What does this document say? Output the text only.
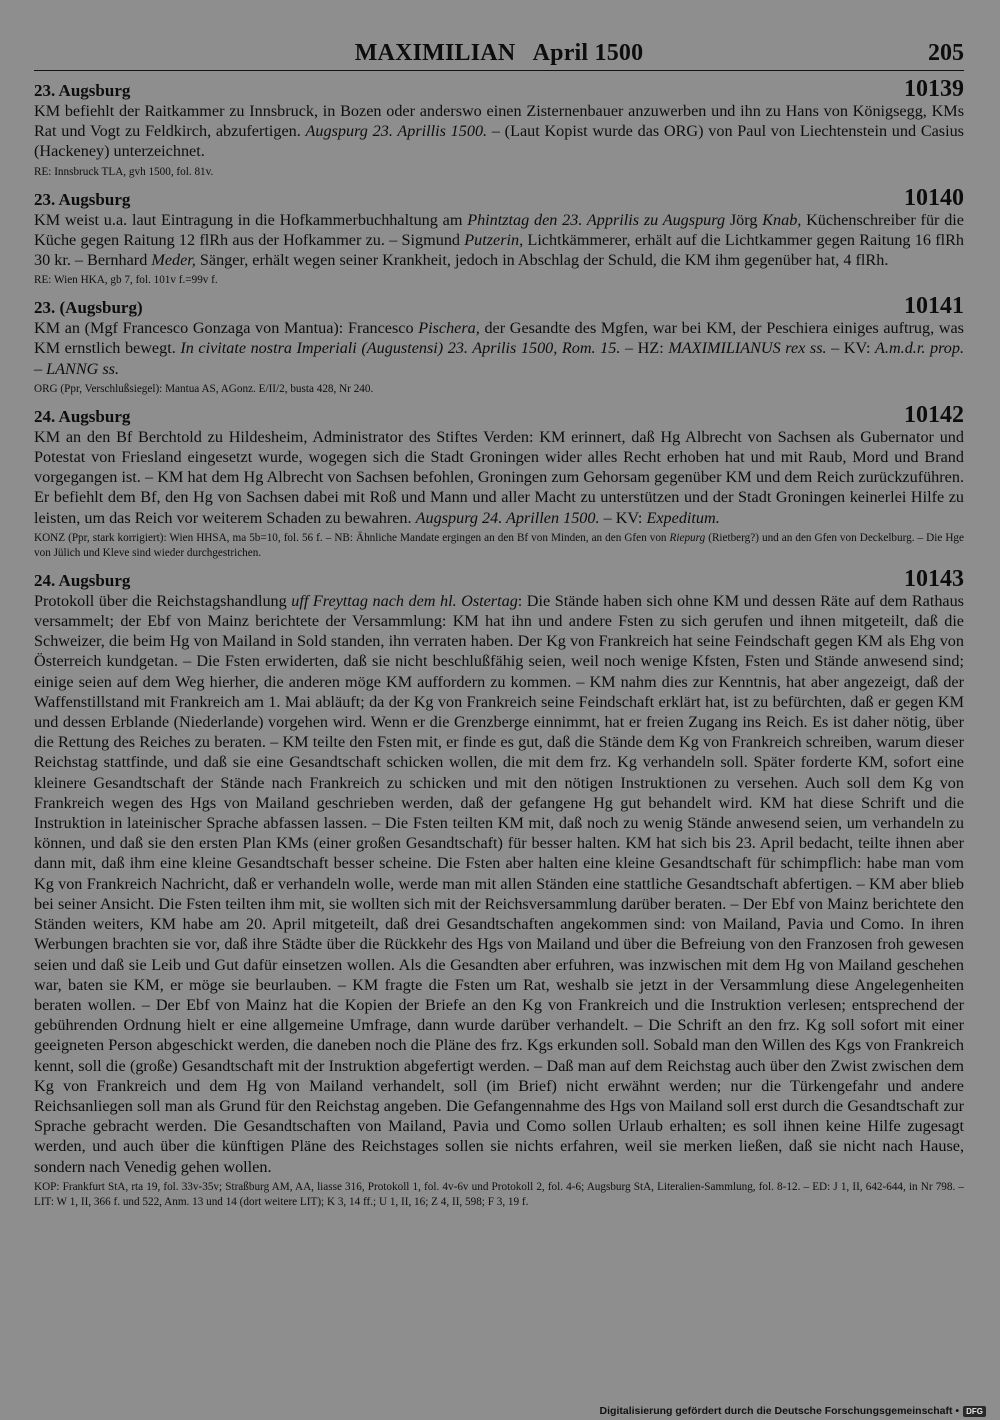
MAXIMILIAN   April 1500	205
23. Augsburg	10139

KM befiehlt der Raitkammer zu Innsbruck, in Bozen oder anderswo einen Zisternenbauer anzuwerben und ihn zu Hans von Königsegg, KMs Rat und Vogt zu Feldkirch, abzufertigen. Augspurg 23. Aprillis 1500. – (Laut Kopist wurde das ORG) von Paul von Liechtenstein und Casius (Hackeney) unterzeichnet.

RE: Innsbruck TLA, gvh 1500, fol. 81v.

23. Augsburg	10140

KM weist u.a. laut Eintragung in die Hofkammerbuchhaltung am Phintztag den 23. Apprilis zu Augspurg Jörg Knab, Küchenschreiber für die Küche gegen Raitung 12 flRh aus der Hofkammer zu. – Sigmund Putzerin, Lichtkämmerer, erhält auf die Lichtkammer gegen Raitung 16 flRh 30 kr. – Bernhard Meder, Sänger, erhält wegen seiner Krankheit, jedoch in Abschlag der Schuld, die KM ihm gegenüber hat, 4 flRh.

RE: Wien HKA, gb 7, fol. 101v f.=99v f.

23. (Augsburg)	10141

KM an (Mgf Francesco Gonzaga von Mantua): Francesco Pischera, der Gesandte des Mgfen, war bei KM, der Peschiera einiges auftrug, was KM ernstlich bewegt. In civitate nostra Imperiali (Augustensi) 23. Aprilis 1500, Rom. 15. – HZ: MAXIMILIANUS rex ss. – KV: A.m.d.r. prop. – LANNG ss.

ORG (Ppr, Verschlußsiegel): Mantua AS, AGonz. E/II/2, busta 428, Nr 240.

24. Augsburg	10142

KM an den Bf Berchtold zu Hildesheim, Administrator des Stiftes Verden: KM erinnert, daß Hg Albrecht von Sachsen als Gubernator und Potestat von Friesland eingesetzt wurde, wogegen sich die Stadt Groningen wider alles Recht erhoben hat und mit Raub, Mord und Brand vorgegangen ist. – KM hat dem Hg Albrecht von Sachsen befohlen, Groningen zum Gehorsam gegenüber KM und dem Reich zurückzuführen. Er befiehlt dem Bf, den Hg von Sachsen dabei mit Roß und Mann und aller Macht zu unterstützen und der Stadt Groningen keinerlei Hilfe zu leisten, um das Reich vor weiterem Schaden zu bewahren. Augspurg 24. Aprillen 1500. – KV: Expeditum.

KONZ (Ppr, stark korrigiert): Wien HHSA, ma 5b=10, fol. 56 f. – NB: Ähnliche Mandate ergingen an den Bf von Minden, an den Gfen von Riepurg (Rietberg?) und an den Gfen von Deckelburg. – Die Hge von Jülich und Kleve sind wieder durchgestrichen.

24. Augsburg	10143

Protokoll über die Reichstagshandlung uff Freyttag nach dem hl. Ostertag: Die Stände haben sich ohne KM und dessen Räte auf dem Rathaus versammelt; der Ebf von Mainz berichtete der Versammlung: KM hat ihn und andere Fsten zu sich gerufen und ihnen mitgeteilt, daß die Schweizer, die beim Hg von Mailand in Sold standen, ihn verraten haben. Der Kg von Frankreich hat seine Feindschaft gegen KM als Ehg von Österreich kundgetan. – Die Fsten erwiderten, daß sie nicht beschlußfähig seien, weil noch wenige Kfsten, Fsten und Stände anwesend sind; einige seien auf dem Weg hierher, die anderen möge KM auffordern zu kommen. – KM nahm dies zur Kenntnis, hat aber angezeigt, daß der Waffenstillstand mit Frankreich am 1. Mai abläuft; da der Kg von Frankreich seine Feindschaft erklärt hat, ist zu befürchten, daß er gegen KM und dessen Erblande (Niederlande) vorgehen wird. Wenn er die Grenzberge einnimmt, hat er freien Zugang ins Reich. Es ist daher nötig, über die Rettung des Reiches zu beraten. – KM teilte den Fsten mit, er finde es gut, daß die Stände dem Kg von Frankreich schreiben, warum dieser Reichstag stattfinde, und daß sie eine Gesandtschaft schicken wollen, die mit dem frz. Kg verhandeln soll. Später forderte KM, sofort eine kleinere Gesandtschaft der Stände nach Frankreich zu schicken und mit den nötigen Instruktionen zu versehen. Auch soll dem Kg von Frankreich wegen des Hgs von Mailand geschrieben werden, daß der gefangene Hg gut behandelt wird. KM hat diese Schrift und die Instruktion in lateinischer Sprache abfassen lassen. – Die Fsten teilten KM mit, daß noch zu wenig Stände anwesend seien, um verhandeln zu können, und daß sie den ersten Plan KMs (einer großen Gesandtschaft) für besser halten. KM hat sich bis 23. April bedacht, teilte ihnen aber dann mit, daß ihm eine kleine Gesandtschaft besser scheine. Die Fsten aber halten eine kleine Gesandtschaft für schimpflich: habe man vom Kg von Frankreich Nachricht, daß er verhandeln wolle, werde man mit allen Ständen eine stattliche Gesandtschaft abfertigen. – KM aber blieb bei seiner Ansicht. Die Fsten teilten ihm mit, sie wollten sich mit der Reichsversammlung darüber beraten. – Der Ebf von Mainz berichtete den Ständen weiters, KM habe am 20. April mitgeteilt, daß drei Gesandtschaften angekommen sind: von Mailand, Pavia und Como. In ihren Werbungen brachten sie vor, daß ihre Städte über die Rückkehr des Hgs von Mailand und über die Befreiung von den Franzosen froh gewesen seien und daß sie Leib und Gut dafür einsetzen wollen. Als die Gesandten aber erfuhren, was inzwischen mit dem Hg von Mailand geschehen war, baten sie KM, er möge sie beurlauben. – KM fragte die Fsten um Rat, weshalb sie jetzt in der Versammlung diese Angelegenheiten beraten wollen. – Der Ebf von Mainz hat die Kopien der Briefe an den Kg von Frankreich und die Instruktion verlesen; entsprechend der gebührenden Ordnung hielt er eine allgemeine Umfrage, dann wurde darüber verhandelt. – Die Schrift an den frz. Kg soll sofort mit einer geeigneten Person abgeschickt werden, die daneben noch die Pläne des frz. Kgs erkunden soll. Sobald man den Willen des Kgs von Frankreich kennt, soll die (große) Gesandtschaft mit der Instruktion abgefertigt werden. – Daß man auf dem Reichstag auch über den Zwist zwischen dem Kg von Frankreich und dem Hg von Mailand verhandelt, soll (im Brief) nicht erwähnt werden; nur die Türkengefahr und andere Reichsanliegen soll man als Grund für den Reichstag angeben. Die Gefangennahme des Hgs von Mailand soll erst durch die Gesandtschaft zur Sprache gebracht werden. Die Gesandtschaften von Mailand, Pavia und Como sollen Urlaub erhalten; es soll ihnen keine Hilfe zugesagt werden, und auch über die künftigen Pläne des Reichstages sollen sie nichts erfahren, weil sie merken ließen, daß sie nicht nach Hause, sondern nach Venedig gehen wollen.

KOP: Frankfurt StA, rta 19, fol. 33v-35v; Straßburg AM, AA, liasse 316, Protokoll 1, fol. 4v-6v und Protokoll 2, fol. 4-6; Augsburg StA, Literalien-Sammlung, fol. 8-12. – ED: J 1, II, 642-644, in Nr 798. – LIT: W 1, II, 366 f. und 522, Anm. 13 und 14 (dort weitere LIT); K 3, 14 ff.; U 1, II, 16; Z 4, II, 598; F 3, 19 f.

Digitalisierung gefördert durch die Deutsche Forschungsgemeinschaft • DFG
